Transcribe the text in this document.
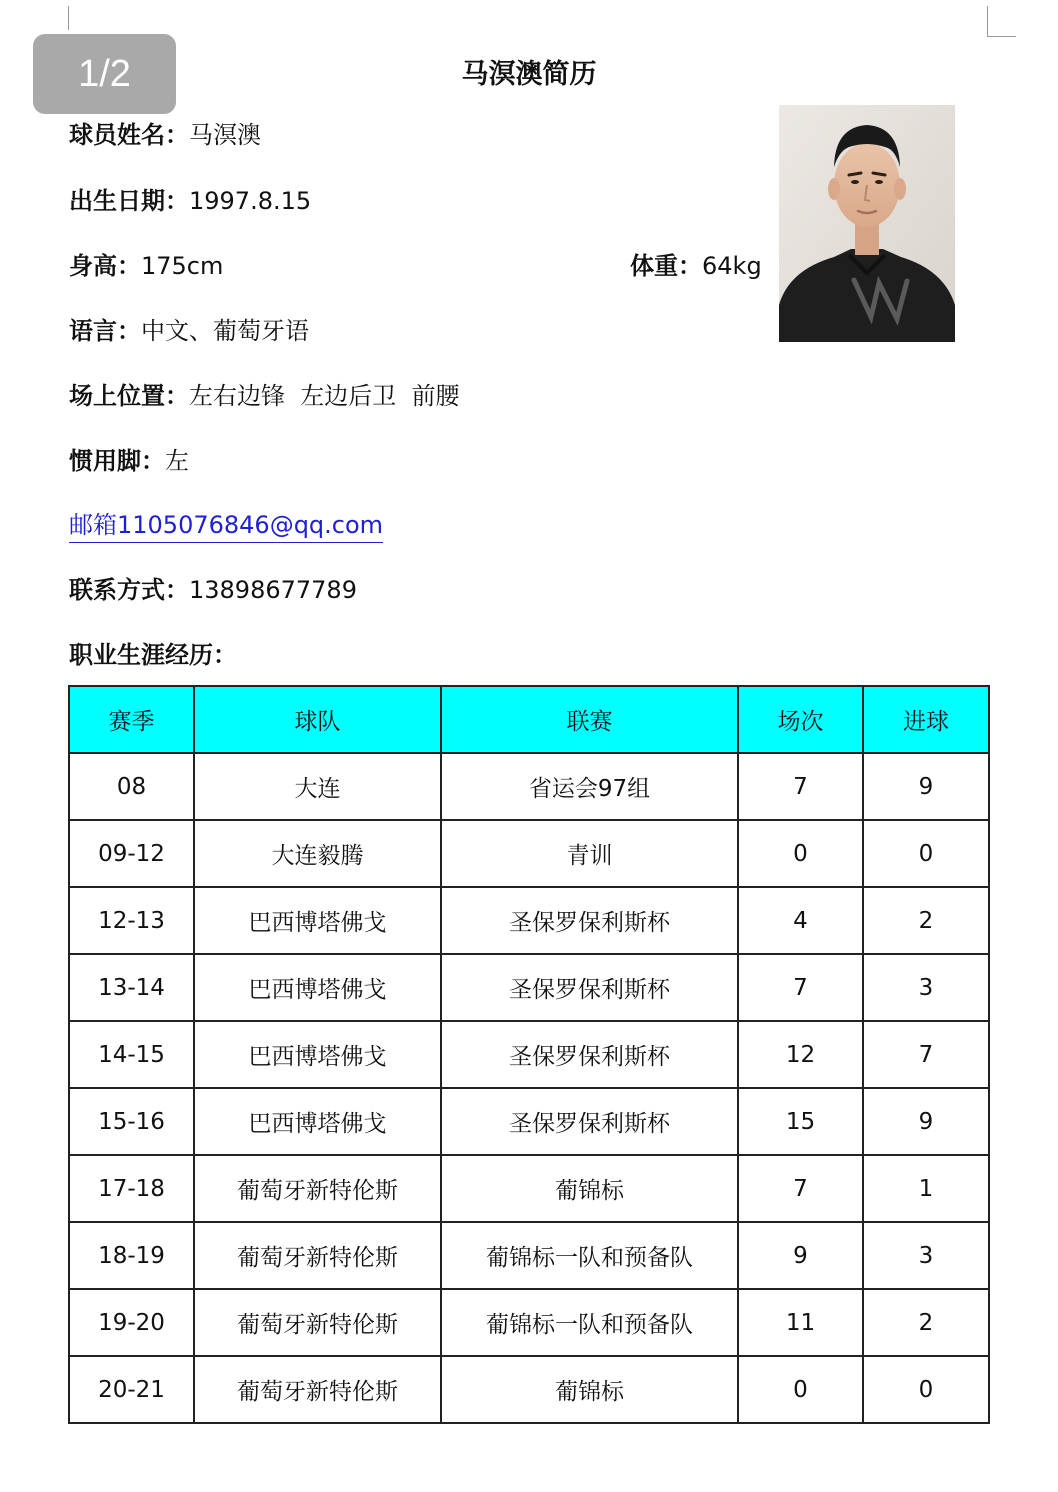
1/2	马溟澳简历
球员姓名：马溟澳
出生日期：1997.8.15
身高：175cm	体重：64kg
语言：中文、葡萄牙语
场上位置：左右边锋  左边后卫  前腰
惯用脚：左
邮箱1105076846@qq.com
联系方式：13898677789
职业生涯经历：
赛季	球队	联赛	场次	进球
08	大连	省运会97组	7	9
09-12	大连毅腾	青训	0	0
12-13	巴西博塔佛戈	圣保罗保利斯杯	4	2
13-14	巴西博塔佛戈	圣保罗保利斯杯	7	3
14-15	巴西博塔佛戈	圣保罗保利斯杯	12	7
15-16	巴西博塔佛戈	圣保罗保利斯杯	15	9
17-18	葡萄牙新特伦斯	葡锦标	7	1
18-19	葡萄牙新特伦斯	葡锦标一队和预备队	9	3
19-20	葡萄牙新特伦斯	葡锦标一队和预备队	11	2
20-21	葡萄牙新特伦斯	葡锦标	0	0
